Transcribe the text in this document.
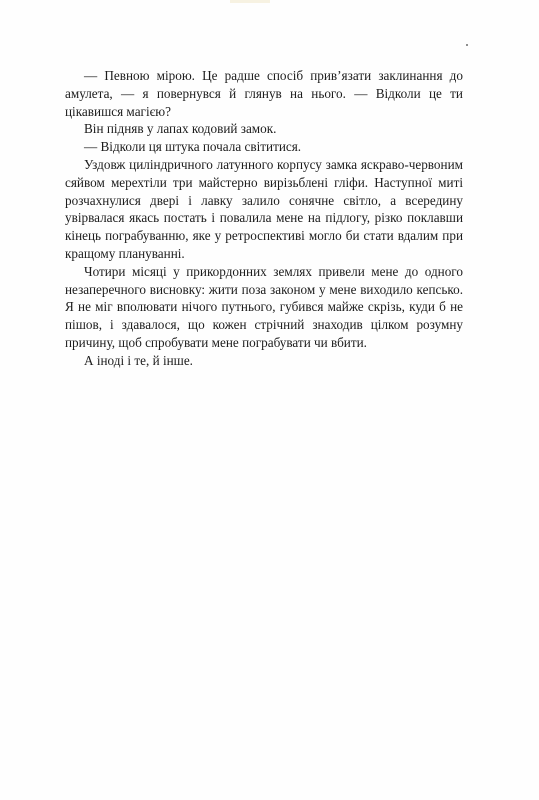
— Певною мірою. Це радше спосіб прив’язати заклинання до амулета, — я повернувся й глянув на нього. — Відколи це ти цікавишся магією?

Він підняв у лапах кодовий замок.

— Відколи ця штука почала світитися.

Уздовж циліндричного латунного корпусу замка яскраво-червоним сяйвом мерехтіли три майстерно вирізьблені гліфи. Наступної миті розчахнулися двері і лавку залило сонячне світло, а всередину увірвалася якась постать і повалила мене на підлогу, різко поклавши кінець пограбуванню, яке у ретроспективі могло би стати вдалим при кращому плануванні.

Чотири місяці у прикордонних землях привели мене до одного незаперечного висновку: жити поза законом у мене виходило кепсько. Я не міг вполювати нічого путнього, губився майже скрізь, куди б не пішов, і здавалося, що кожен стрічний знаходив цілком розумну причину, щоб спробувати мене пограбувати чи вбити.

А іноді і те, й інше.
